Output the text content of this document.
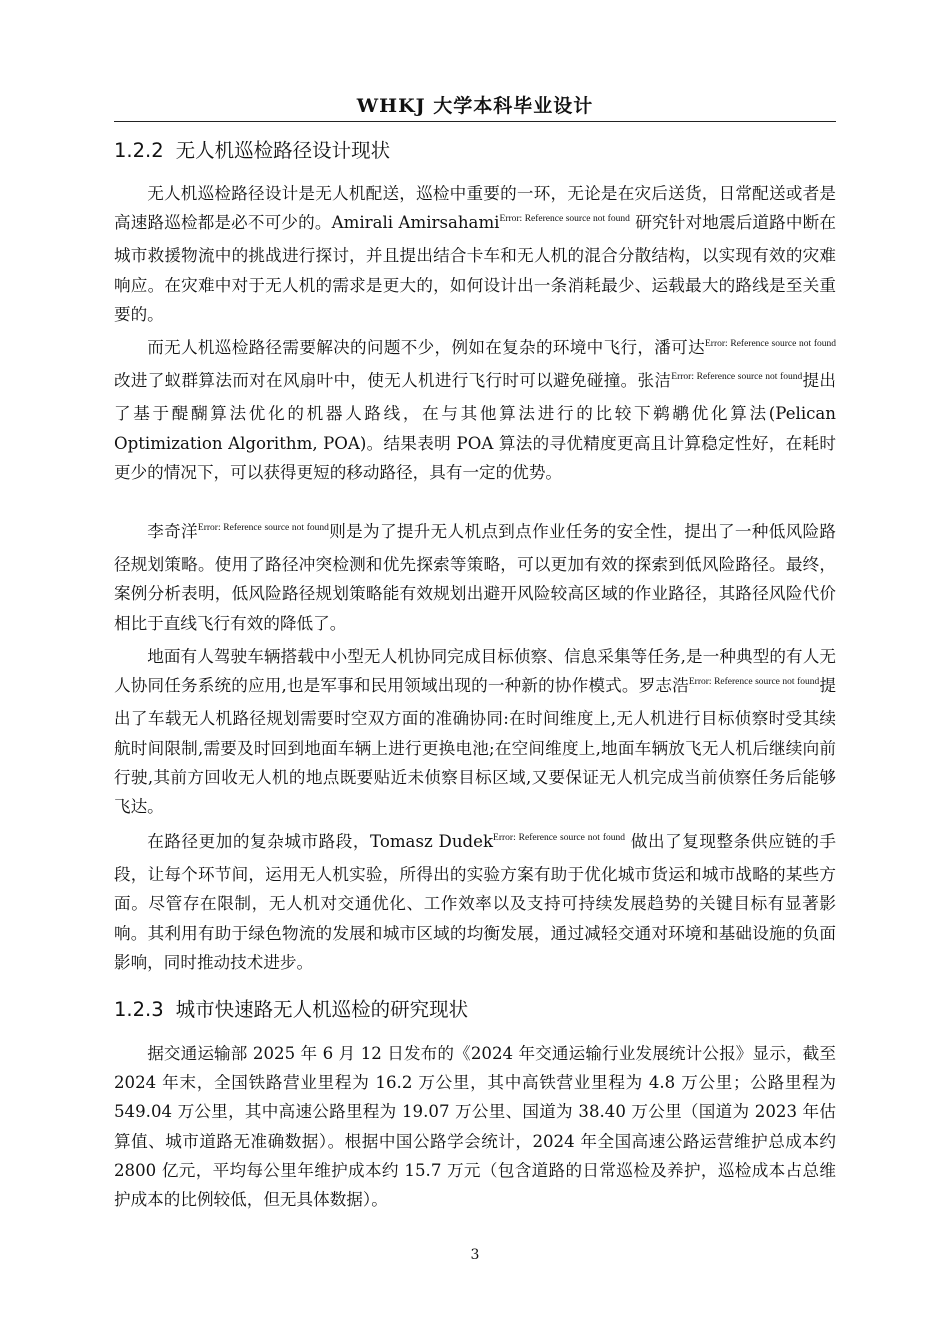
WHKJ 大学本科毕业设计
1.2.2 无人机巡检路径设计现状

无人机巡检路径设计是无人机配送，巡检中重要的一环，无论是在灾后送货，日常配送或者是高速路巡检都是必不可少的。Amirali Amirsahami$^{Error: Reference source not found}$ 研究针对地震后道路中断在城市救援物流中的挑战进行探讨，并且提出结合卡车和无人机的混合分散结构，以实现有效的灾难响应。在灾难中对于无人机的需求是更大的，如何设计出一条消耗最少、运载最大的路线是至关重要的。

而无人机巡检路径需要解决的问题不少，例如在复杂的环境中飞行，潘可达$^{Error: Reference source not found}$改进了蚁群算法而对在风扇叶中，使无人机进行飞行时可以避免碰撞。张洁$^{Error: Reference source not found}$提出了基于醍醐算法优化的机器人路线，在与其他算法进行的比较下鹈鹕优化算法(Pelican Optimization Algorithm, POA)。结果表明 POA 算法的寻优精度更高且计算稳定性好，在耗时更少的情况下，可以获得更短的移动路径，具有一定的优势。

李奇洋$^{Error: Reference source not found}$则是为了提升无人机点到点作业任务的安全性，提出了一种低风险路径规划策略。使用了路径冲突检测和优先探索等策略，可以更加有效的探索到低风险路径。最终，案例分析表明，低风险路径规划策略能有效规划出避开风险较高区域的作业路径，其路径风险代价相比于直线飞行有效的降低了。

地面有人驾驶车辆搭载中小型无人机协同完成目标侦察、信息采集等任务,是一种典型的有人无人协同任务系统的应用,也是军事和民用领域出现的一种新的协作模式。罗志浩$^{Error: Reference source not found}$提出了车载无人机路径规划需要时空双方面的准确协同:在时间维度上,无人机进行目标侦察时受其续航时间限制,需要及时回到地面车辆上进行更换电池;在空间维度上,地面车辆放飞无人机后继续向前行驶,其前方回收无人机的地点既要贴近未侦察目标区域,又要保证无人机完成当前侦察任务后能够飞达。

在路径更加的复杂城市路段，Tomasz Dudek$^{Error: Reference source not found}$ 做出了复现整条供应链的手段，让每个环节间，运用无人机实验，所得出的实验方案有助于优化城市货运和城市战略的某些方面。尽管存在限制，无人机对交通优化、工作效率以及支持可持续发展趋势的关键目标有显著影响。其利用有助于绿色物流的发展和城市区域的均衡发展，通过减轻交通对环境和基础设施的负面影响，同时推动技术进步。

1.2.3 城市快速路无人机巡检的研究现状

据交通运输部 2025 年 6 月 12 日发布的《2024 年交通运输行业发展统计公报》显示，截至 2024 年末，全国铁路营业里程为 16.2 万公里，其中高铁营业里程为 4.8 万公里；公路里程为 549.04 万公里，其中高速公路里程为 19.07 万公里、国道为 38.40 万公里（国道为 2023 年估算值、城市道路无准确数据）。根据中国公路学会统计，2024 年全国高速公路运营维护总成本约 2800 亿元，平均每公里年维护成本约 15.7 万元（包含道路的日常巡检及养护，巡检成本占总维护成本的比例较低，但无具体数据）。

3
